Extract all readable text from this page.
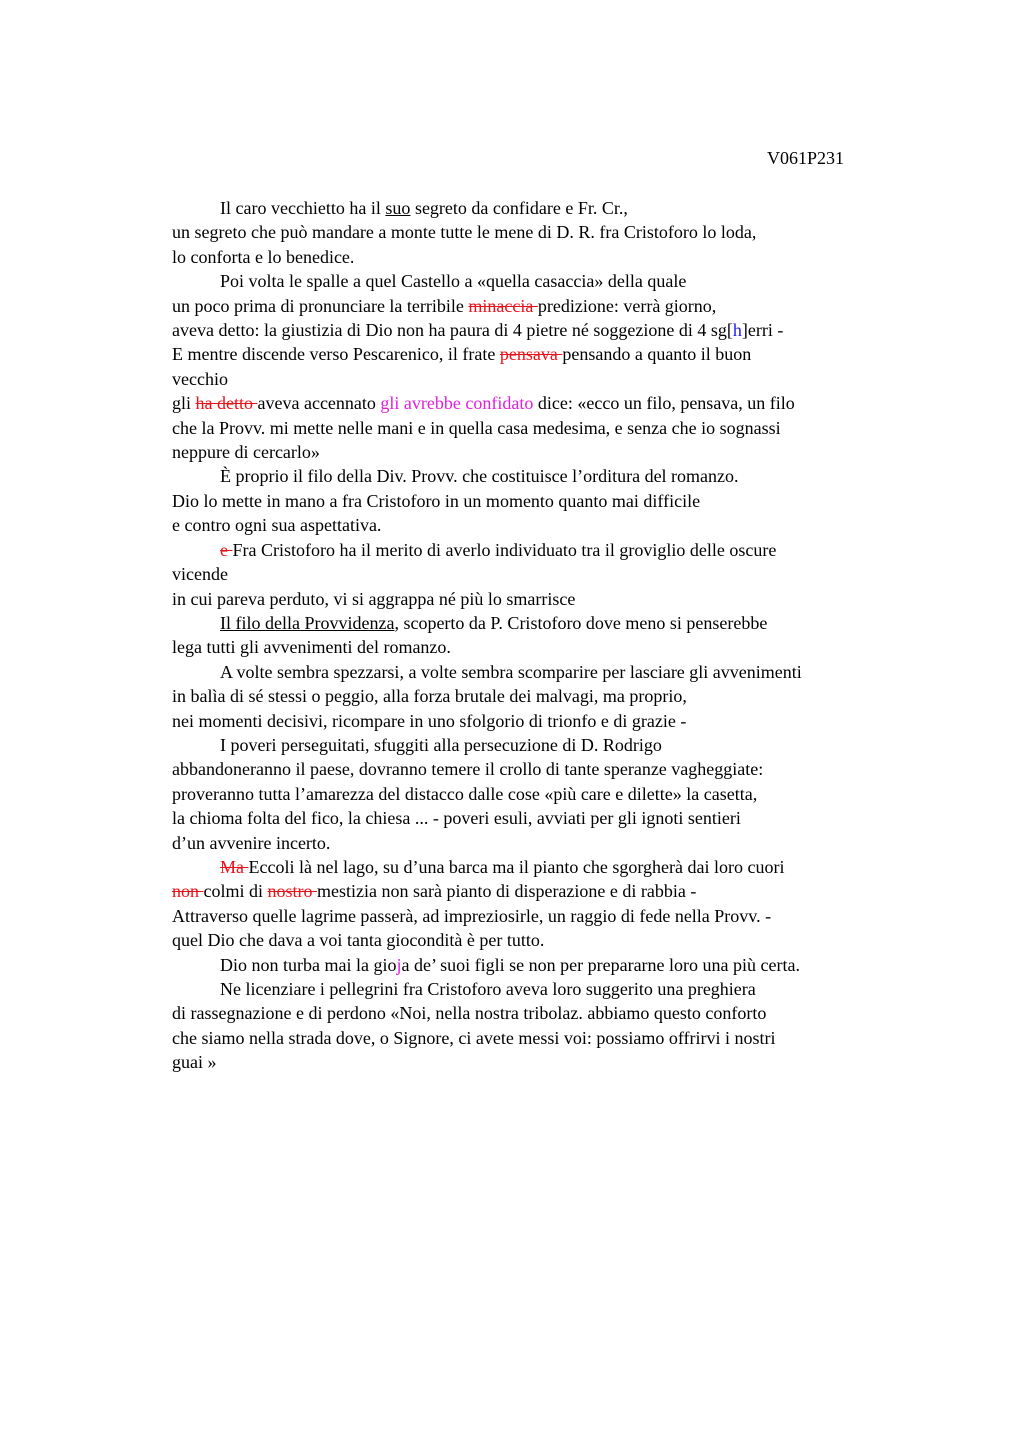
V061P231
Il caro vecchietto ha il suo segreto da confidare e Fr. Cr.,
un segreto che può mandare a monte tutte le mene di D. R. fra Cristoforo lo loda,
lo conforta e lo benedice.
Poi volta le spalle a quel Castello a «quella casaccia» della quale
un poco prima di pronunciare la terribile minaccia predizione: verrà giorno,
aveva detto: la giustizia di Dio non ha paura di 4 pietre né soggezione di 4 sg[h]erri -
E mentre discende verso Pescarenico, il frate pensava pensando a quanto il buon
vecchio
gli ha detto aveva accennato gli avrebbe confidato dice: «ecco un filo, pensava, un filo
che la Provv. mi mette nelle mani e in quella casa medesima, e senza che io sognassi
neppure di cercarlo»
È proprio il filo della Div. Provv. che costituisce l’orditura del romanzo.
Dio lo mette in mano a fra Cristoforo in un momento quanto mai difficile
e contro ogni sua aspettativa.
e Fra Cristoforo ha il merito di averlo individuato tra il groviglio delle oscure
vicende
in cui pareva perduto, vi si aggrappa né più lo smarrisce
Il filo della Provvidenza, scoperto da P. Cristoforo dove meno si penserebbe
lega tutti gli avvenimenti del romanzo.
A volte sembra spezzarsi, a volte sembra scomparire per lasciare gli avvenimenti
in balìa di sé stessi o peggio, alla forza brutale dei malvagi, ma proprio,
nei momenti decisivi, ricompare in uno sfolgorio di trionfo e di grazie -
I poveri perseguitati, sfuggiti alla persecuzione di D. Rodrigo
abbandoneranno il paese, dovranno temere il crollo di tante speranze vagheggiate:
proveranno tutta l’amarezza del distacco dalle cose «più care e dilette» la casetta,
la chioma folta del fico, la chiesa ... - poveri esuli, avviati per gli ignoti sentieri
d’un avvenire incerto.
Ma Eccoli là nel lago, su d’una barca ma il pianto che sgorgherà dai loro cuori
non colmi di nostro mestizia non sarà pianto di disperazione e di rabbia -
Attraverso quelle lagrime passerà, ad impreziosirle, un raggio di fede nella Provv. -
quel Dio che dava a voi tanta giocondità è per tutto.
Dio non turba mai la gioja de’ suoi figli se non per prepararne loro una più certa.
Ne licenziare i pellegrini fra Cristoforo aveva loro suggerito una preghiera
di rassegnazione e di perdono «Noi, nella nostra tribolaz. abbiamo questo conforto
che siamo nella strada dove, o Signore, ci avete messi voi: possiamo offrirvi i nostri
guai »
